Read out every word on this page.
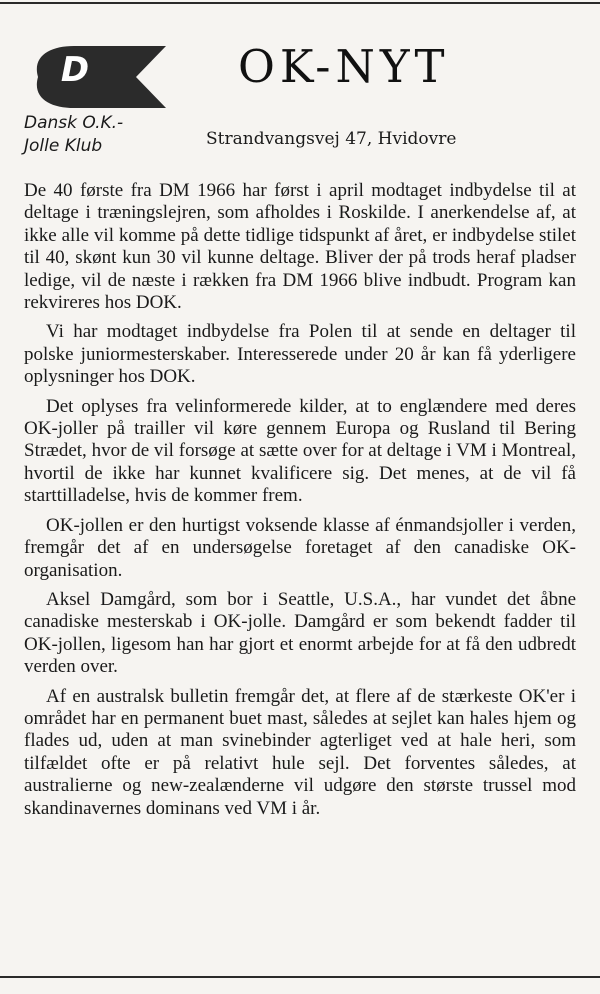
D
Dansk O.K.-
Jolle Klub
OK-NYT
Strandvangsvej 47, Hvidovre

De 40 første fra DM 1966 har først i april modtaget indbydelse til at deltage i træningslejren, som afholdes i Roskilde. I anerkendelse af, at ikke alle vil komme på dette tidlige tidspunkt af året, er indbydelse stilet til 40, skønt kun 30 vil kunne deltage. Bliver der på trods heraf pladser ledige, vil de næste i rækken fra DM 1966 blive indbudt. Program kan rekvireres hos DOK.

Vi har modtaget indbydelse fra Polen til at sende en deltager til polske juniormesterskaber. Interesserede under 20 år kan få yderligere oplysninger hos DOK.

Det oplyses fra velinformerede kilder, at to englændere med deres OK-joller på trailler vil køre gennem Europa og Rusland til Bering Strædet, hvor de vil forsøge at sætte over for at deltage i VM i Montreal, hvortil de ikke har kunnet kvalificere sig. Det menes, at de vil få starttilladelse, hvis de kommer frem.

OK-jollen er den hurtigst voksende klasse af énmandsjoller i verden, fremgår det af en undersøgelse foretaget af den canadiske OK-organisation.

Aksel Damgård, som bor i Seattle, U.S.A., har vundet det åbne canadiske mesterskab i OK-jolle. Damgård er som bekendt fadder til OK-jollen, ligesom han har gjort et enormt arbejde for at få den udbredt verden over.

Af en australsk bulletin fremgår det, at flere af de stærkeste OK'er i området har en permanent buet mast, således at sejlet kan hales hjem og flades ud, uden at man svinebinder agterliget ved at hale heri, som tilfældet ofte er på relativt hule sejl. Det forventes således, at australierne og new-zealænderne vil udgøre den største trussel mod skandinavernes dominans ved VM i år.
